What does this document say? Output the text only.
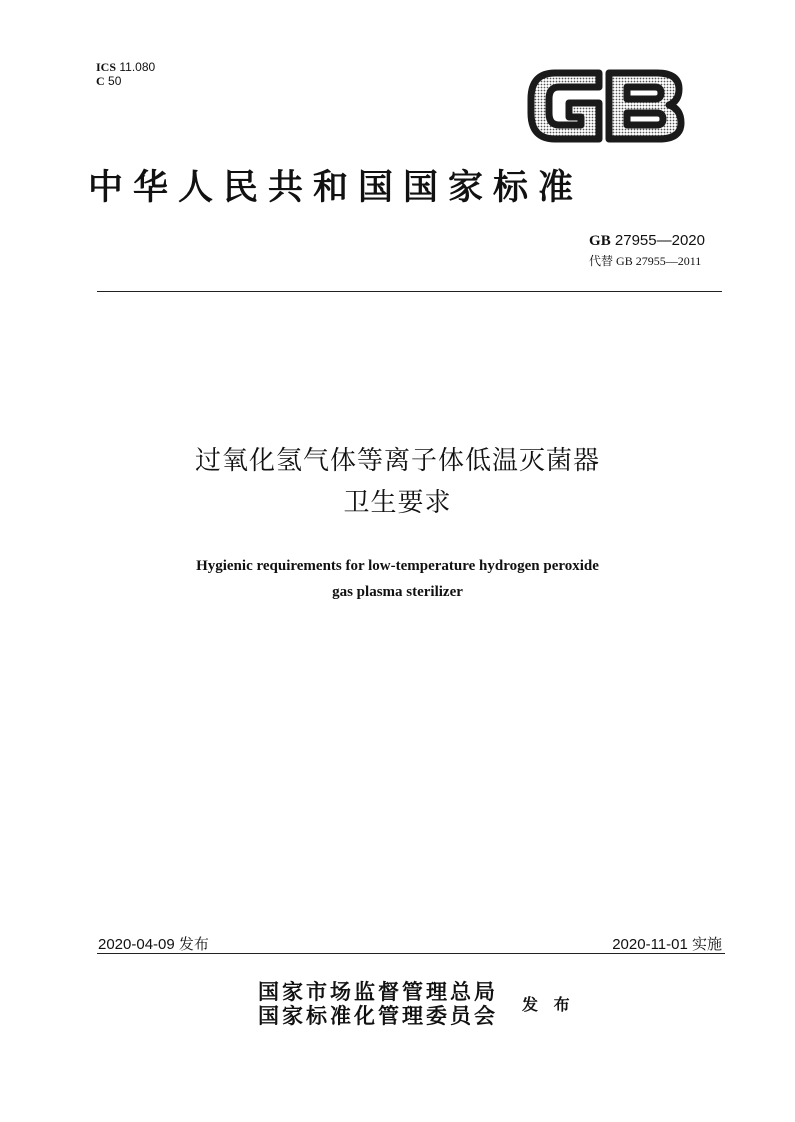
ICS 11.080
C 50
中华人民共和国国家标准
GB 27955—2020
代替 GB 27955—2011
过氧化氢气体等离子体低温灭菌器
卫生要求
Hygienic requirements for low-temperature hydrogen peroxide
gas plasma sterilizer
2020-04-09 发布	2020-11-01 实施
国家市场监督管理总局
国家标准化管理委员会 发 布
